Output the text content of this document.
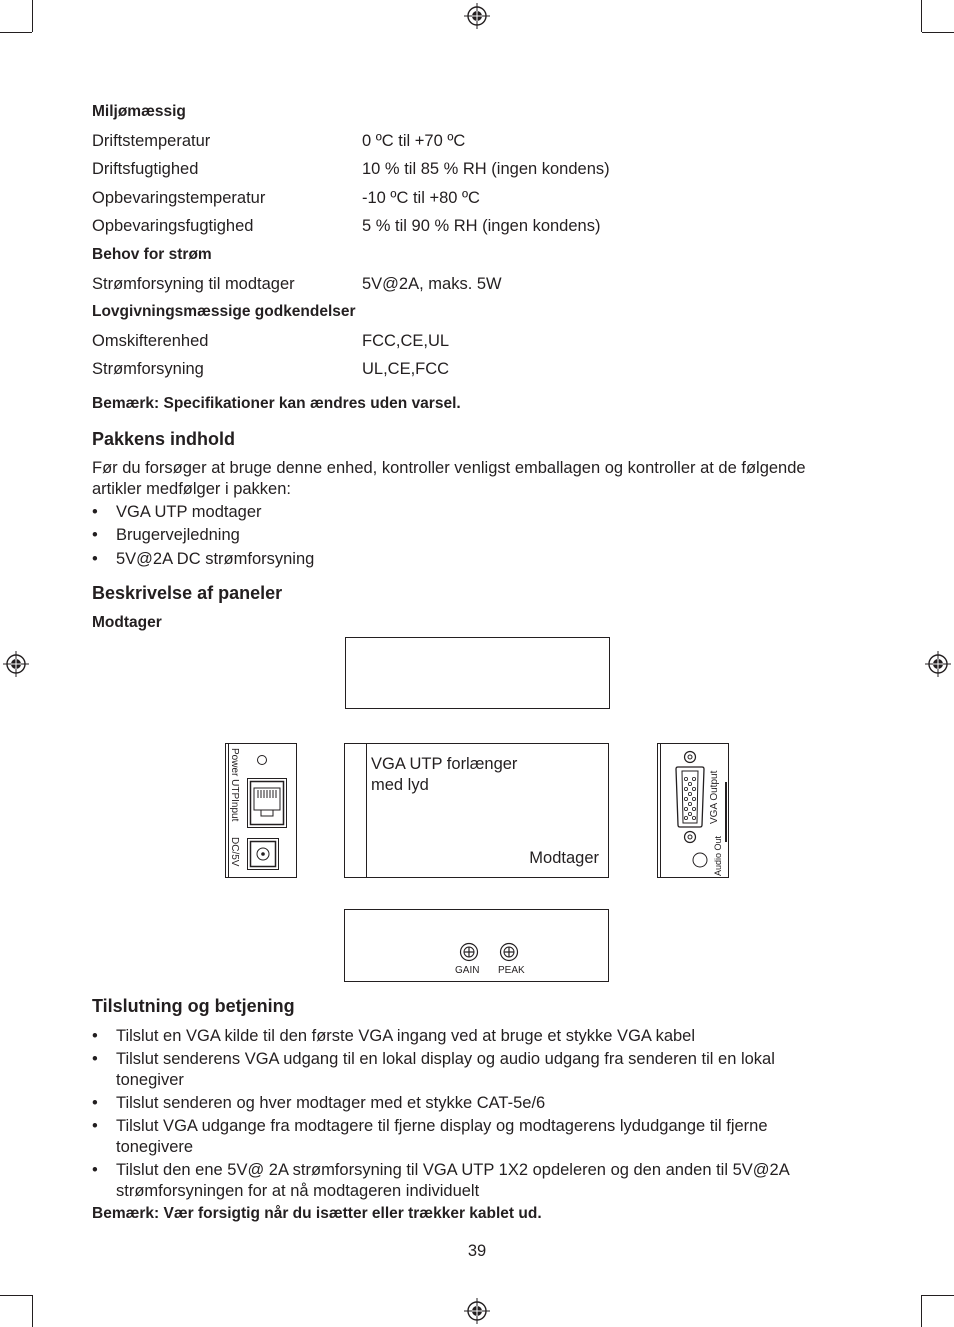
Miljømæssig
Driftstemperatur	0 ºC til +70 ºC
Driftsfugtighed	10 % til 85 % RH (ingen kondens)
Opbevaringstemperatur	-10 ºC til +80 ºC
Opbevaringsfugtighed	5 % til 90 % RH (ingen kondens)
Behov for strøm
Strømforsyning til modtager	5V@2A, maks. 5W
Lovgivningsmæssige godkendelser
Omskifterenhed	FCC,CE,UL
Strømforsyning	UL,CE,FCC
Bemærk: Specifikationer kan ændres uden varsel.
Pakkens indhold
Før du forsøger at bruge denne enhed, kontroller venligst emballagen og kontroller at de følgende artikler medfølger i pakken:
• VGA UTP modtager
• Brugervejledning
• 5V@2A DC strømforsyning
Beskrivelse af paneler
Modtager
Power UTPInput
DC/5V
VGA UTP forlænger
med lyd
Modtager
VGA Output
Audio Out
GAIN PEAK
Tilslutning og betjening
• Tilslut en VGA kilde til den første VGA ingang ved at bruge et stykke VGA kabel
• Tilslut senderens VGA udgang til en lokal display og audio udgang fra senderen til en lokal tonegiver
• Tilslut senderen og hver modtager med et stykke CAT-5e/6
• Tilslut VGA udgange fra modtagere til fjerne display og modtagerens lydudgange til fjerne tonegivere
• Tilslut den ene 5V@ 2A strømforsyning til VGA UTP 1X2 opdeleren og den anden til 5V@2A strømforsyningen for at nå modtageren individuelt
Bemærk: Vær forsigtig når du isætter eller trækker kablet ud.
39
